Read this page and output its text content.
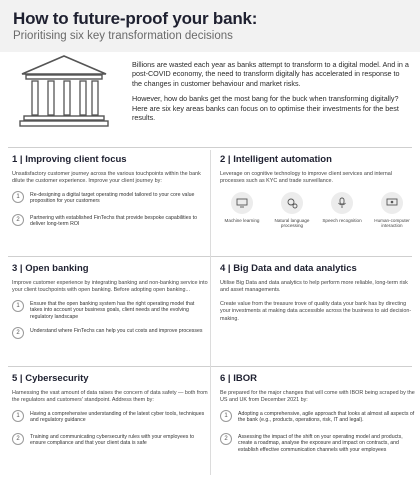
How to future-proof your bank:
Prioritising six key transformation decisions

Billions are wasted each year as banks attempt to transform to a digital model. And in a post-COVID economy, the need to transform digitally has accelerated in response to the changes in customer behaviour and market risks.

However, how do banks get the most bang for the buck when transforming digitally? Here are six key areas banks can focus on to optimise their investments for the best results.

1 | Improving client focus
Unsatisfactory customer journey across the various touchpoints within the bank dilute the customer experience. Improve your client journey by:
1	Re-designing a digital target operating model tailored to your core value proposition for your customers
2	Partnering with established FinTechs that provide bespoke capabilities to deliver long-term ROI
2 | Intelligent automation
Leverage on cognitive technology to improve client services and internal processes such as KYC and trade surveillance.
Machine learning	Natural language processing
Speech recognition	Human-computer interaction
3 | Open banking
Improve customer experience by integrating banking and non-banking service into your client touchpoints with open banking. Before adopting open banking...
1	Ensure that the open banking system has the right operating model that takes into account your business goals, client needs and the evolving regulatory landscape
2	Understand where FinTechs can help you cut costs and improve processes
4 | Big Data and data analytics
Utilise Big Data and data analytics to help perform more reliable, long-term risk and asset managements.
Create value from the treasure trove of quality data your bank has by directing your investments at making data accessible across the business to aid decision-making.
5 | Cybersecurity
Harnessing the vast amount of data raises the concern of data safety — both from the regulators and customers' standpoint. Address them by:
1	Having a comprehensive understanding of the latest cyber tools, techniques and regulatory guidance
2	Training and communicating cybersecurity rules with your employees to ensure compliance and that your client data is safe
6 | IBOR
Be prepared for the major changes that will come with IBOR being scraped by the US and UK from December 2021 by:
1	Adopting a comprehensive, agile approach that looks at almost all aspects of the bank (e.g., products, operations, risk, IT and legal).
2	Assessing the impact of the shift on your operating model and products, create a roadmap, analyse the exposure and impact on contracts, and establish effective communication channels with your employees
